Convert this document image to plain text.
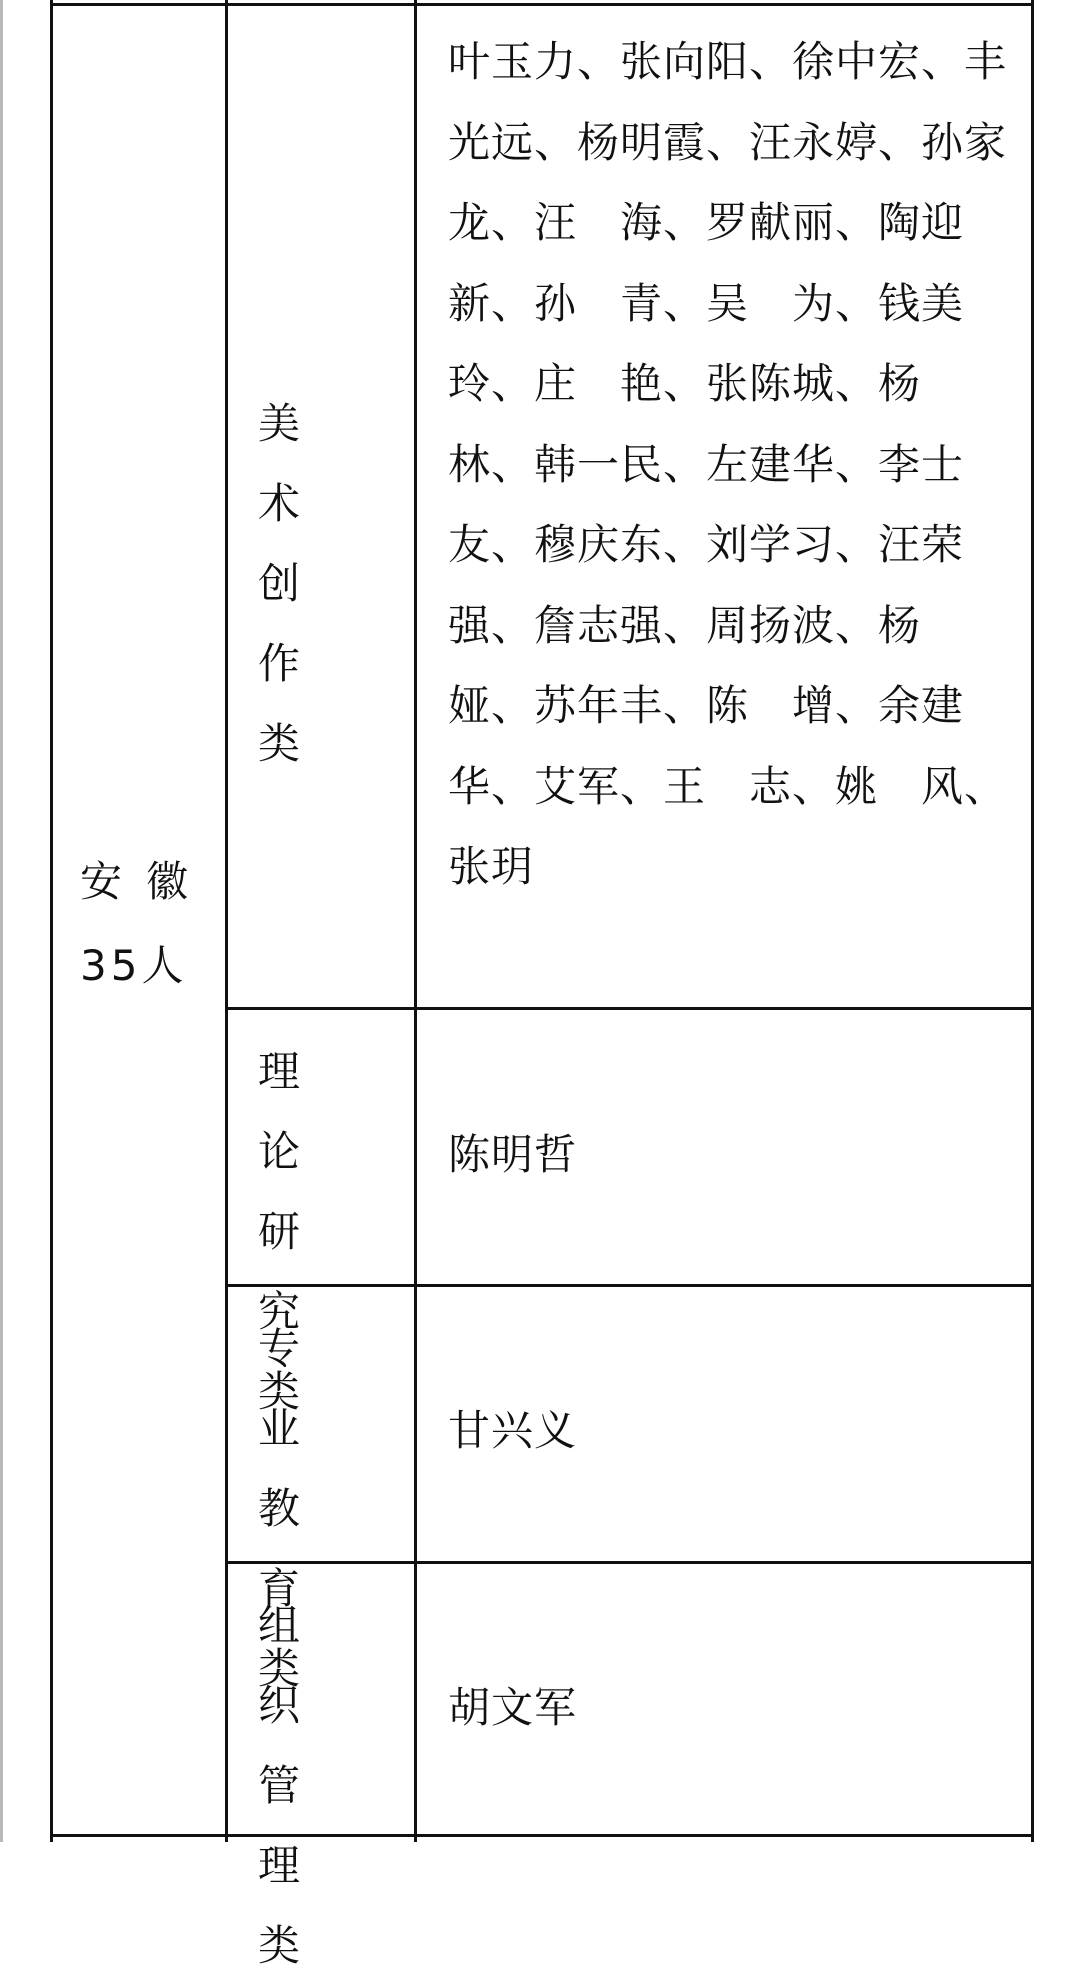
安徽
35人
美术
创作
类
叶玉力、张向阳、徐中宏、丰光远、杨明霞、汪永婷、孙家龙、汪　海、罗献丽、陶迎新、孙　青、吴　为、钱美玲、庄　艳、张陈城、杨　林、韩一民、左建华、李士友、穆庆东、刘学习、汪荣强、詹志强、周扬波、杨　娅、苏年丰、陈　增、余建华、艾军、王　志、姚　风、张玥
理论
研究
类
陈明哲
专业
教育
类
甘兴义
组织
管理
类
胡文军
